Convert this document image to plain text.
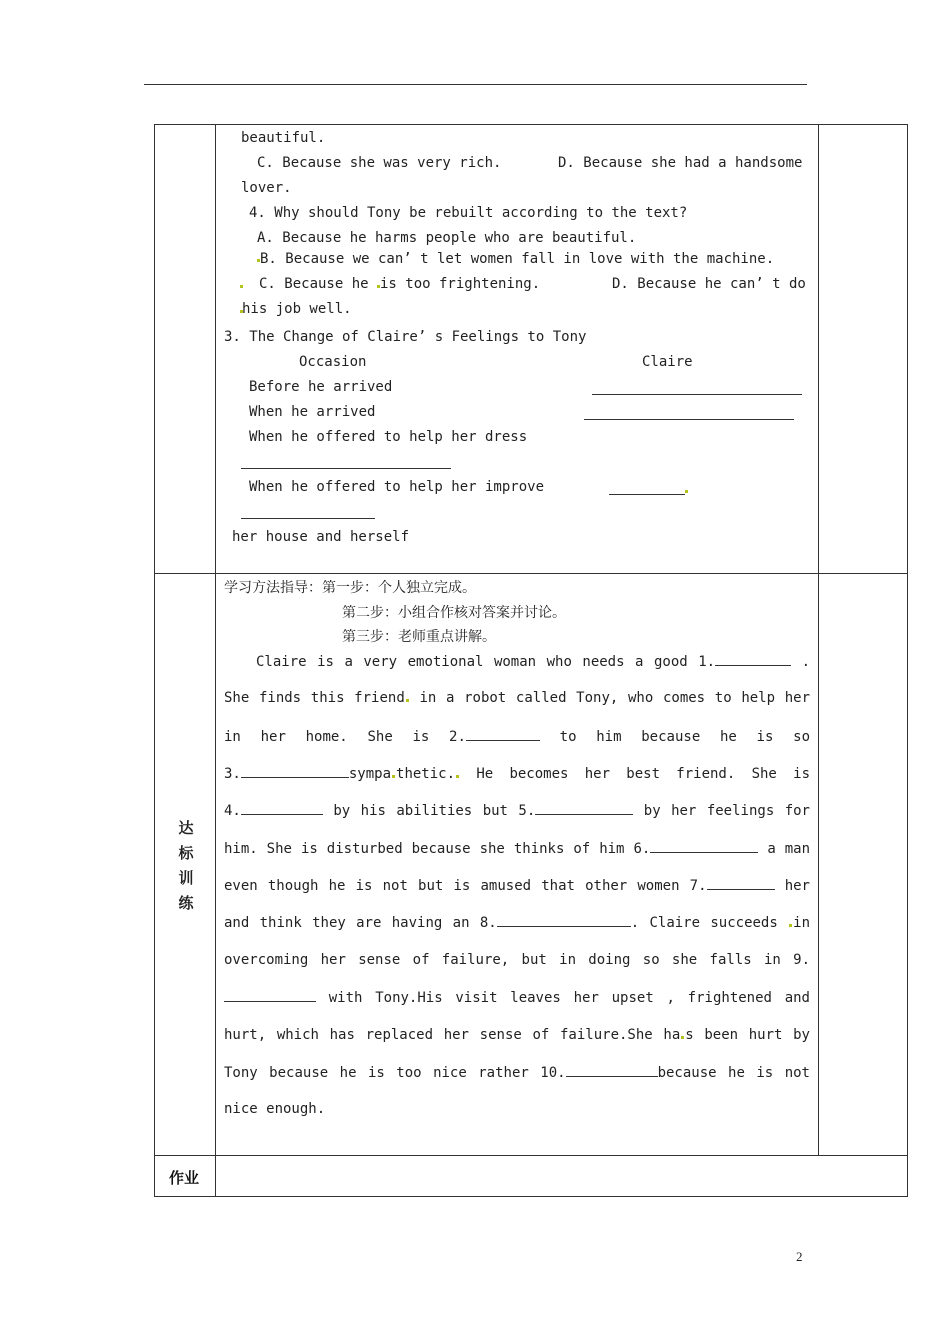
beautiful.
C. Because she was very rich.	D. Because she had a handsome
lover.
4. Why should Tony be rebuilt according to the text?
A. Because he harms people who are beautiful.
B. Because we can’ t let women fall in love with the machine.
C. Because he is too frightening.	D. Because he can’ t do
his job well.
3. The Change of Claire’ s Feelings to Tony
Occasion	Claire
Before he arrived
When he arrived
When he offered to help her dress
When he offered to help her improve
her house and herself
达
标
训
练
学习方法指导：第一步：个人独立完成。
第二步：小组合作核对答案并讨论。
第三步：老师重点讲解。
Claire is a very emotional woman who needs a good 1.	.
She finds this friend in a robot called Tony, who comes to help her
in her home. She is 2.	to him because he is so
3.	sympa thetic. He becomes her best friend. She is
4.	by his abilities but 5.	by her feelings for
him. She is disturbed because she thinks of him 6.	a man
even though he is not but is amused that other women 7.	her
and think they are having an 8.	. Claire succeeds in
overcoming her sense of failure, but in doing so she falls in 9.
with Tony.His visit leaves her upset , frightened and
hurt, which has replaced her sense of failure.She ha s been hurt by
Tony because he is too nice rather 10.	because he is not
nice enough.
作业
2
